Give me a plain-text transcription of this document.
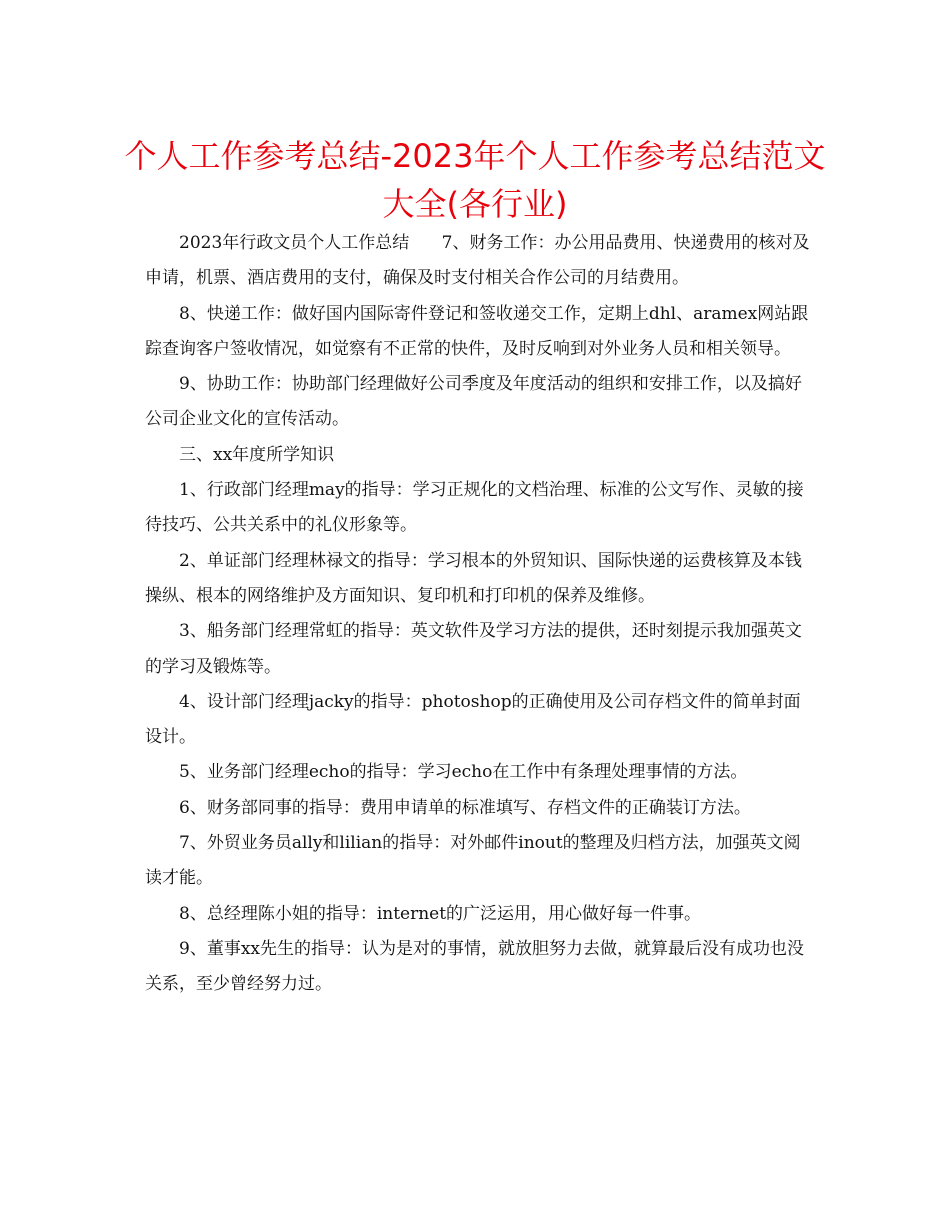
个人工作参考总结-2023年个人工作参考总结范文大全(各行业)

2023年行政文员个人工作总结      7、财务工作：办公用品费用、快递费用的核对及申请，机票、酒店费用的支付，确保及时支付相关合作公司的月结费用。

8、快递工作：做好国内国际寄件登记和签收递交工作，定期上dhl、aramex网站跟踪查询客户签收情况，如觉察有不正常的快件，及时反响到对外业务人员和相关领导。

9、协助工作：协助部门经理做好公司季度及年度活动的组织和安排工作，以及搞好公司企业文化的宣传活动。

三、xx年度所学知识

1、行政部门经理may的指导：学习正规化的文档治理、标准的公文写作、灵敏的接待技巧、公共关系中的礼仪形象等。

2、单证部门经理林禄文的指导：学习根本的外贸知识、国际快递的运费核算及本钱操纵、根本的网络维护及方面知识、复印机和打印机的保养及维修。

3、船务部门经理常虹的指导：英文软件及学习方法的提供，还时刻提示我加强英文的学习及锻炼等。

4、设计部门经理jacky的指导：photoshop的正确使用及公司存档文件的简单封面设计。

5、业务部门经理echo的指导：学习echo在工作中有条理处理事情的方法。

6、财务部同事的指导：费用申请单的标准填写、存档文件的正确装订方法。

7、外贸业务员ally和lilian的指导：对外邮件inout的整理及归档方法，加强英文阅读才能。

8、总经理陈小姐的指导：internet的广泛运用，用心做好每一件事。

9、董事xx先生的指导：认为是对的事情，就放胆努力去做，就算最后没有成功也没关系，至少曾经努力过。
